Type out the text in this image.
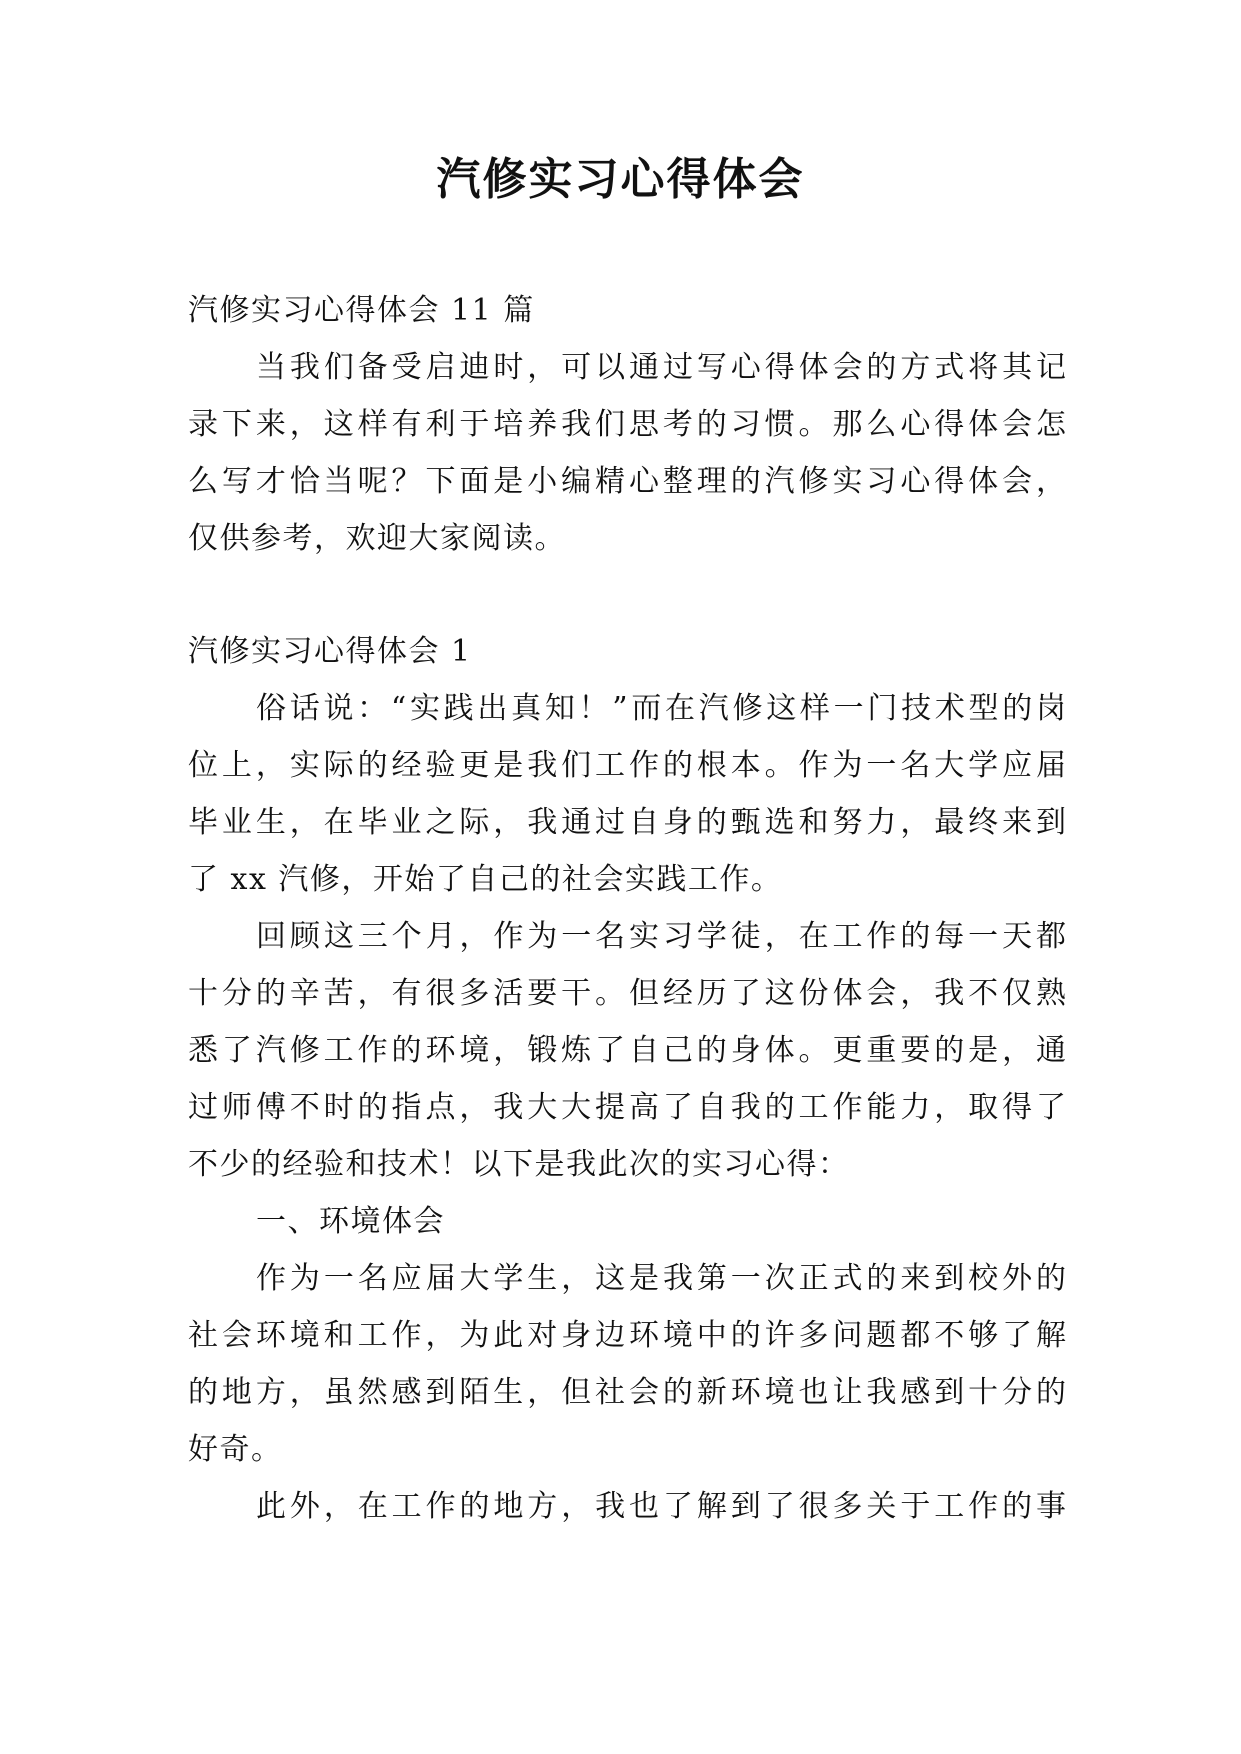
汽修实习心得体会
汽修实习心得体会 11 篇
当我们备受启迪时，可以通过写心得体会的方式将其记
录下来，这样有利于培养我们思考的习惯。那么心得体会怎
么写才恰当呢？下面是小编精心整理的汽修实习心得体会，
仅供参考，欢迎大家阅读。
汽修实习心得体会 1
俗话说：“实践出真知！”而在汽修这样一门技术型的岗
位上，实际的经验更是我们工作的根本。作为一名大学应届
毕业生，在毕业之际，我通过自身的甄选和努力，最终来到
了 xx 汽修，开始了自己的社会实践工作。
回顾这三个月，作为一名实习学徒，在工作的每一天都
十分的辛苦，有很多活要干。但经历了这份体会，我不仅熟
悉了汽修工作的环境，锻炼了自己的身体。更重要的是，通
过师傅不时的指点，我大大提高了自我的工作能力，取得了
不少的经验和技术！以下是我此次的实习心得：
一、环境体会
作为一名应届大学生，这是我第一次正式的来到校外的
社会环境和工作，为此对身边环境中的许多问题都不够了解
的地方，虽然感到陌生，但社会的新环境也让我感到十分的
好奇。
此外，在工作的地方，我也了解到了很多关于工作的事
